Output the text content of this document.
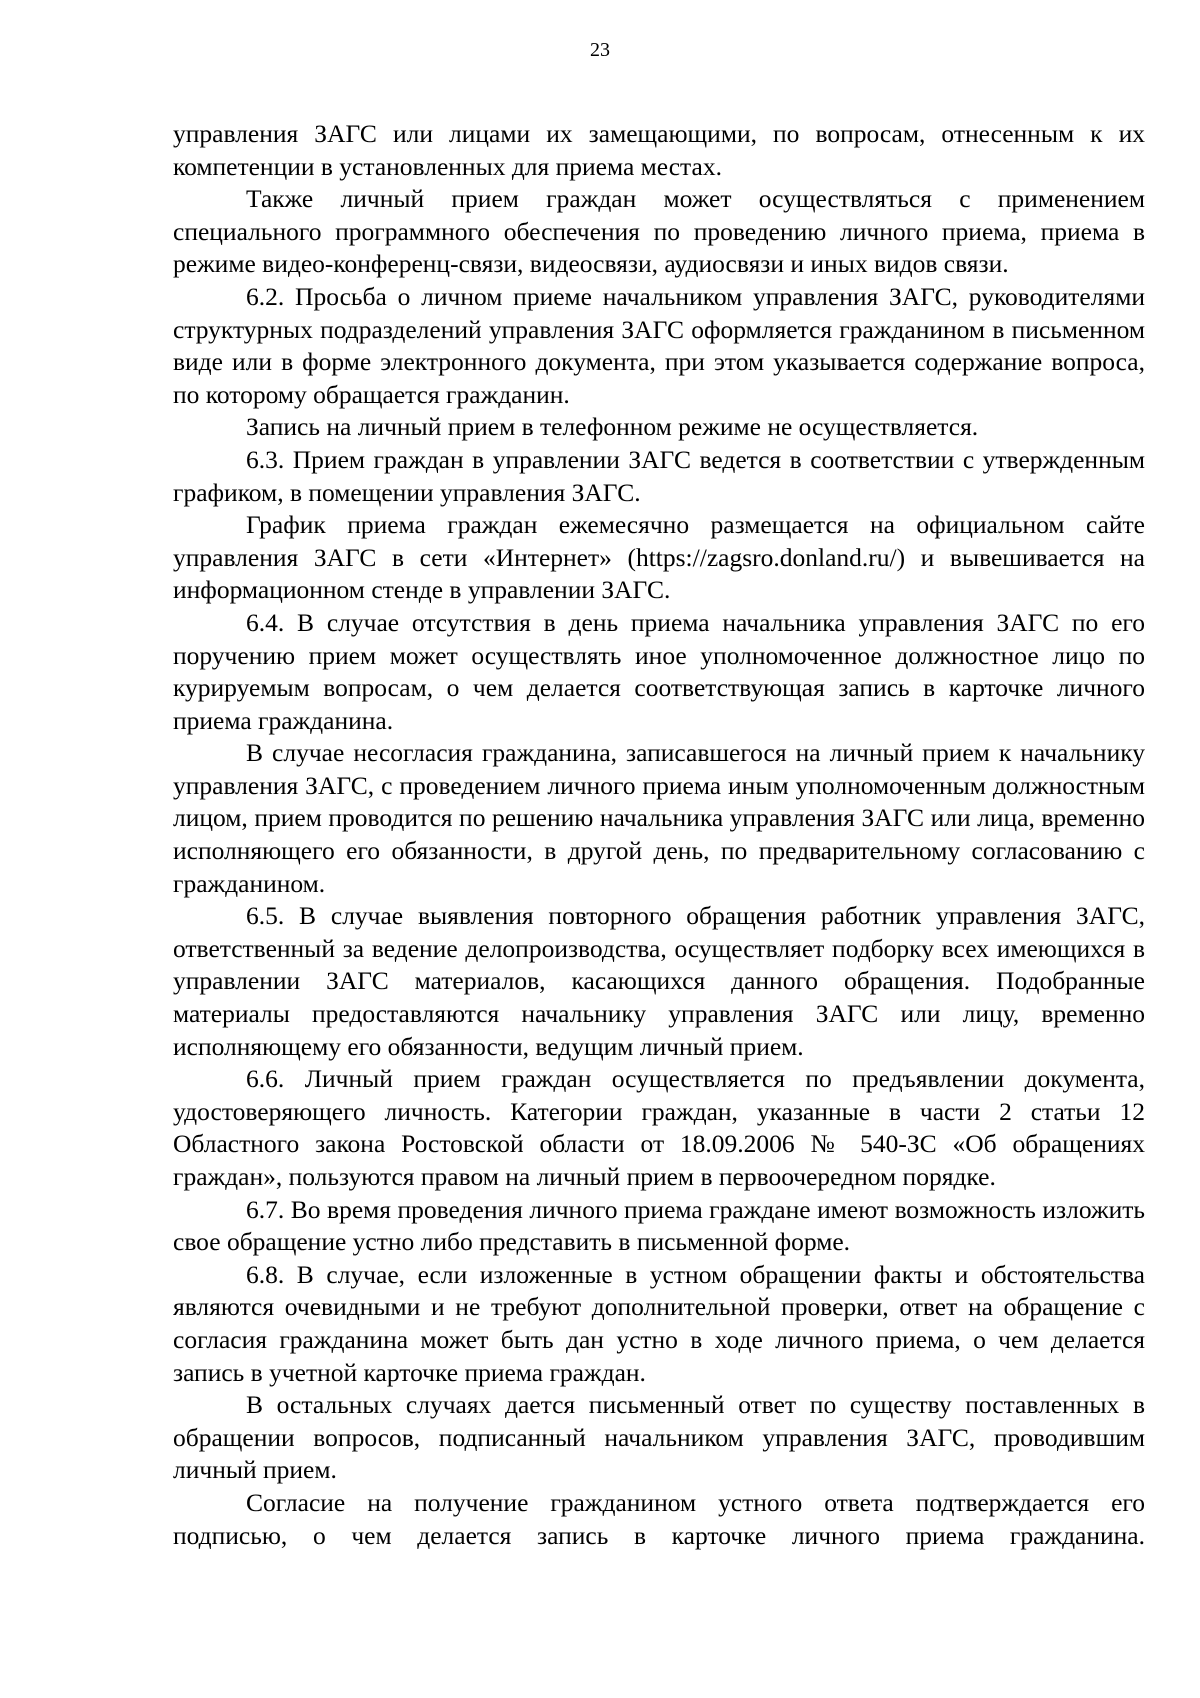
23

управления ЗАГС или лицами их замещающими, по вопросам, отнесенным к их компетенции в установленных для приема местах.

Также личный прием граждан может осуществляться с применением специального программного обеспечения по проведению личного приема, приема в режиме видео-конференц-связи, видеосвязи, аудиосвязи и иных видов связи.

6.2. Просьба о личном приеме начальником управления ЗАГС, руководителями структурных подразделений управления ЗАГС оформляется гражданином в письменном виде или в форме электронного документа, при этом указывается содержание вопроса, по которому обращается гражданин.

Запись на личный прием в телефонном режиме не осуществляется.

6.3. Прием граждан в управлении ЗАГС ведется в соответствии с утвержденным графиком, в помещении управления ЗАГС.

График приема граждан ежемесячно размещается на официальном сайте управления ЗАГС в сети «Интернет» (https://zagsro.donland.ru/) и вывешивается на информационном стенде в управлении ЗАГС.

6.4. В случае отсутствия в день приема начальника управления ЗАГС по его поручению прием может осуществлять иное уполномоченное должностное лицо по курируемым вопросам, о чем делается соответствующая запись в карточке личного приема гражданина.

В случае несогласия гражданина, записавшегося на личный прием к начальнику управления ЗАГС, с проведением личного приема иным уполномоченным должностным лицом, прием проводится по решению начальника управления ЗАГС или лица, временно исполняющего его обязанности, в другой день, по предварительному согласованию с гражданином.

6.5. В случае выявления повторного обращения работник управления ЗАГС, ответственный за ведение делопроизводства, осуществляет подборку всех имеющихся в управлении ЗАГС материалов, касающихся данного обращения. Подобранные материалы предоставляются начальнику управления ЗАГС или лицу, временно исполняющему его обязанности, ведущим личный прием.

6.6. Личный прием граждан осуществляется по предъявлении документа, удостоверяющего личность. Категории граждан, указанные в части 2 статьи 12 Областного закона Ростовской области от 18.09.2006 № 540-ЗС «Об обращениях граждан», пользуются правом на личный прием в первоочередном порядке.

6.7. Во время проведения личного приема граждане имеют возможность изложить свое обращение устно либо представить в письменной форме.

6.8. В случае, если изложенные в устном обращении факты и обстоятельства являются очевидными и не требуют дополнительной проверки, ответ на обращение с согласия гражданина может быть дан устно в ходе личного приема, о чем делается запись в учетной карточке приема граждан.

В остальных случаях дается письменный ответ по существу поставленных в обращении вопросов, подписанный начальником управления ЗАГС, проводившим личный прием.

Согласие на получение гражданином устного ответа подтверждается его подписью, о чем делается запись в карточке личного приема гражданина.
